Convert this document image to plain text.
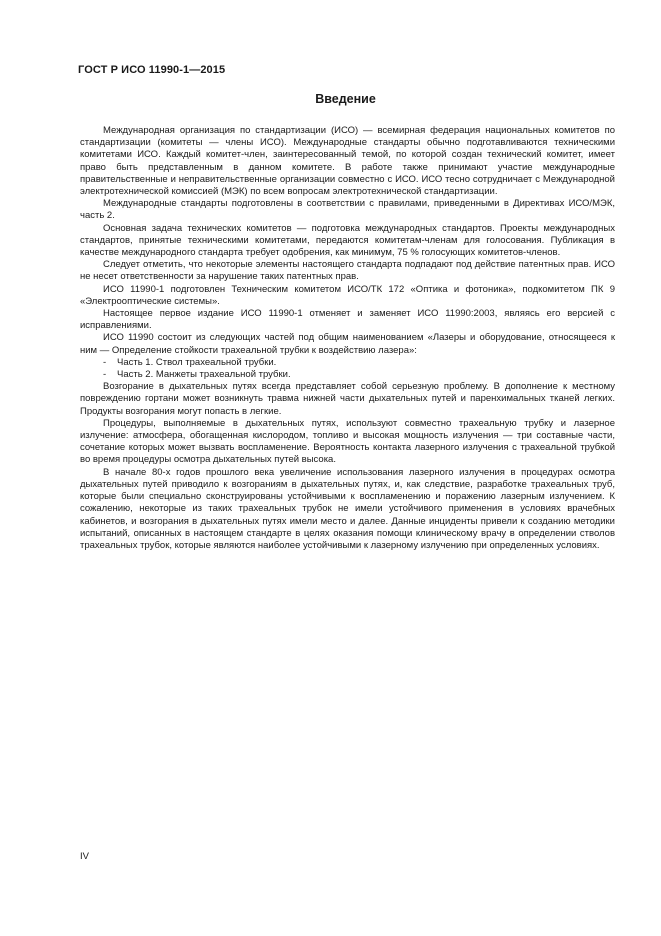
ГОСТ Р ИСО 11990-1—2015
Введение

Международная организация по стандартизации (ИСО) — всемирная федерация национальных комитетов по стандартизации (комитеты — члены ИСО). Международные стандарты обычно подготавливаются техническими комитетами ИСО. Каждый комитет-член, заинтересованный темой, по которой создан технический комитет, имеет право быть представленным в данном комитете. В работе также принимают участие международные правительственные и неправительственные организации совместно с ИСО. ИСО тесно сотрудничает с Международной электротехнической комиссией (МЭК) по всем вопросам электротехнической стандартизации.

Международные стандарты подготовлены в соответствии с правилами, приведенными в Директивах ИСО/МЭК, часть 2.

Основная задача технических комитетов — подготовка международных стандартов. Проекты международных стандартов, принятые техническими комитетами, передаются комитетам-членам для голосования. Публикация в качестве международного стандарта требует одобрения, как минимум, 75 % голосующих комитетов-членов.

Следует отметить, что некоторые элементы настоящего стандарта подпадают под действие патентных прав. ИСО не несет ответственности за нарушение таких патентных прав.

ИСО 11990-1 подготовлен Техническим комитетом ИСО/ТК 172 «Оптика и фотоника», подкомитетом ПК 9 «Электрооптические системы».

Настоящее первое издание ИСО 11990-1 отменяет и заменяет ИСО 11990:2003, являясь его версией с исправлениями.

ИСО 11990 состоит из следующих частей под общим наименованием «Лазеры и оборудование, относящееся к ним — Определение стойкости трахеальной трубки к воздействию лазера»:

- Часть 1. Ствол трахеальной трубки.
- Часть 2. Манжеты трахеальной трубки.

Возгорание в дыхательных путях всегда представляет собой серьезную проблему. В дополнение к местному повреждению гортани может возникнуть травма нижней части дыхательных путей и паренхимальных тканей легких. Продукты возгорания могут попасть в легкие.

Процедуры, выполняемые в дыхательных путях, используют совместно трахеальную трубку и лазерное излучение: атмосфера, обогащенная кислородом, топливо и высокая мощность излучения — три составные части, сочетание которых может вызвать воспламенение. Вероятность контакта лазерного излучения с трахеальной трубкой во время процедуры осмотра дыхательных путей высока.

В начале 80-х годов прошлого века увеличение использования лазерного излучения в процедурах осмотра дыхательных путей приводило к возгораниям в дыхательных путях, и, как следствие, разработке трахеальных труб, которые были специально сконструированы устойчивыми к воспламенению и поражению лазерным излучением. К сожалению, некоторые из таких трахеальных трубок не имели устойчивого применения в условиях врачебных кабинетов, и возгорания в дыхательных путях имели место и далее. Данные инциденты привели к созданию методики испытаний, описанных в настоящем стандарте в целях оказания помощи клиническому врачу в определении стволов трахеальных трубок, которые являются наиболее устойчивыми к лазерному излучению при определенных условиях.

IV
